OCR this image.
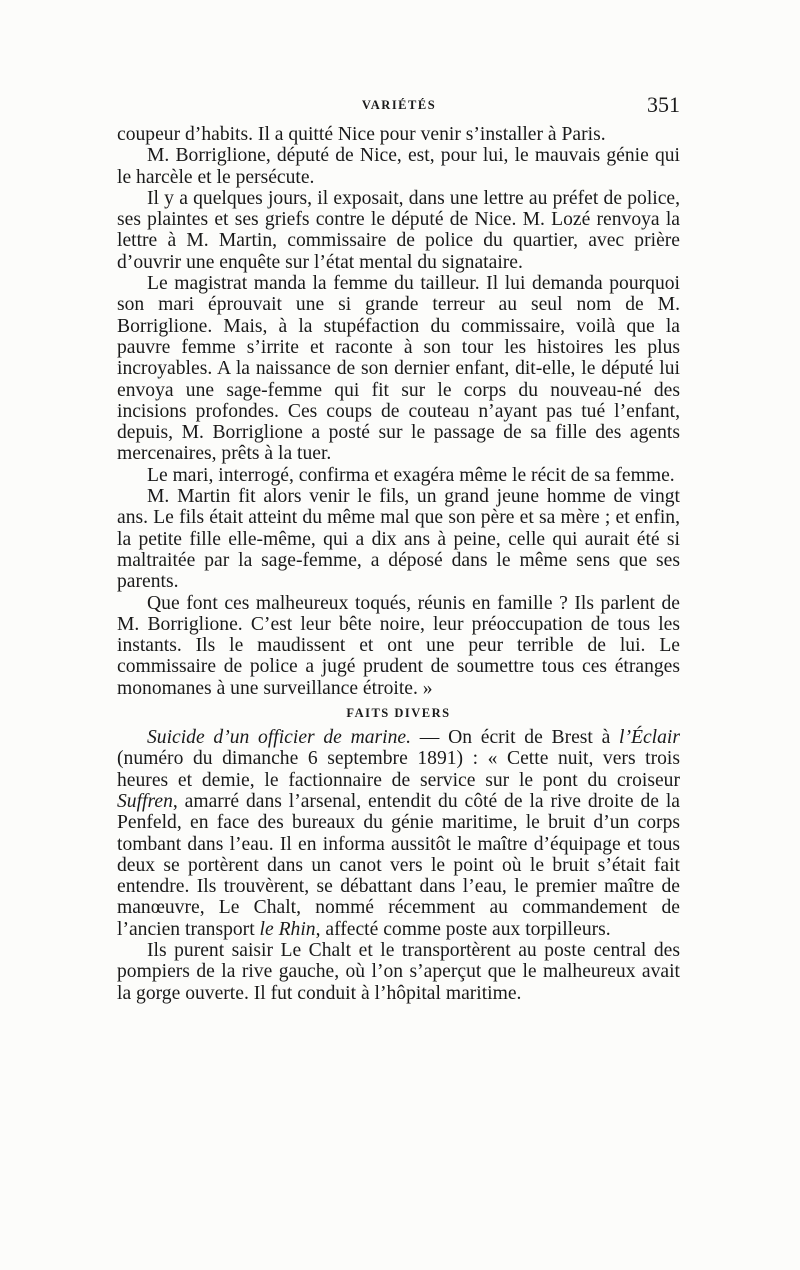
VARIÉTÉS	351

coupeur d’habits. Il a quitté Nice pour venir s’installer à Paris.

M. Borriglione, député de Nice, est, pour lui, le mauvais génie qui le harcèle et le persécute.

Il y a quelques jours, il exposait, dans une lettre au préfet de police, ses plaintes et ses griefs contre le député de Nice. M. Lozé renvoya la lettre à M. Martin, commissaire de police du quartier, avec prière d’ouvrir une enquête sur l’état mental du signataire.

Le magistrat manda la femme du tailleur. Il lui demanda pourquoi son mari éprouvait une si grande terreur au seul nom de M. Borriglione. Mais, à la stupéfaction du commissaire, voilà que la pauvre femme s’irrite et raconte à son tour les histoires les plus incroyables. A la naissance de son dernier enfant, dit-elle, le député lui envoya une sage-femme qui fit sur le corps du nouveau-né des incisions profondes. Ces coups de couteau n’ayant pas tué l’enfant, depuis, M. Borriglione a posté sur le passage de sa fille des agents mercenaires, prêts à la tuer.

Le mari, interrogé, confirma et exagéra même le récit de sa femme.

M. Martin fit alors venir le fils, un grand jeune homme de vingt ans. Le fils était atteint du même mal que son père et sa mère ; et enfin, la petite fille elle-même, qui a dix ans à peine, celle qui aurait été si maltraitée par la sage-femme, a déposé dans le même sens que ses parents.

Que font ces malheureux toqués, réunis en famille ? Ils parlent de M. Borriglione. C’est leur bête noire, leur préoccupation de tous les instants. Ils le maudissent et ont une peur terrible de lui. Le commissaire de police a jugé prudent de soumettre tous ces étranges monomanes à une surveillance étroite. »

FAITS DIVERS

Suicide d’un officier de marine. — On écrit de Brest à l’Éclair (numéro du dimanche 6 septembre 1891) : « Cette nuit, vers trois heures et demie, le factionnaire de service sur le pont du croiseur Suffren, amarré dans l’arsenal, entendit du côté de la rive droite de la Penfeld, en face des bureaux du génie maritime, le bruit d’un corps tombant dans l’eau. Il en informa aussitôt le maître d’équipage et tous deux se portèrent dans un canot vers le point où le bruit s’était fait entendre. Ils trouvèrent, se débattant dans l’eau, le premier maître de manœuvre, Le Chalt, nommé récemment au commandement de l’ancien transport le Rhin, affecté comme poste aux torpilleurs.

Ils purent saisir Le Chalt et le transportèrent au poste central des pompiers de la rive gauche, où l’on s’aperçut que le malheureux avait la gorge ouverte. Il fut conduit à l’hôpital maritime.
